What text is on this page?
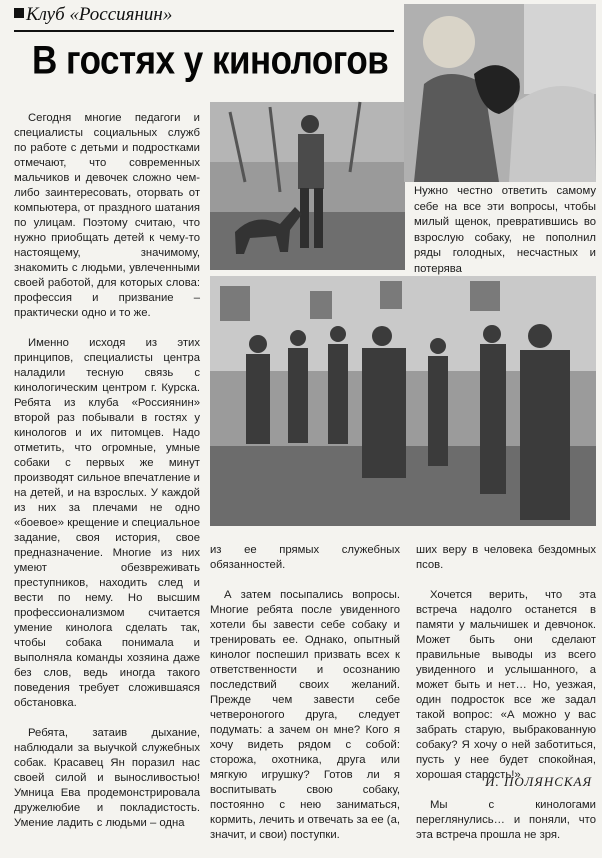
Клуб «Россиянин»
В гостях у кинологов

Сегодня многие педагоги и специалисты социальных служб по работе с детьми и подростками отмечают, что современных мальчиков и девочек сложно чем-либо заинтересовать, оторвать от компьютера, от праздного шатания по улицам. Поэтому считаю, что нужно приобщать детей к чему-то настоящему, значимому, знакомить с людьми, увлеченными своей работой, для которых слова: профессия и призвание – практически одно и то же.

Именно исходя из этих принципов, специалисты центра наладили тесную связь с кинологическим центром г. Курска. Ребята из клуба «Россиянин» второй раз побывали в гостях у кинологов и их питомцев. Надо отметить, что огромные, умные собаки с первых же минут производят сильное впечатление и на детей, и на взрослых. У каждой из них за плечами не одно «боевое» крещение и специальное задание, своя история, свое предназначение. Многие из них умеют обезвреживать преступников, находить след и вести по нему. Но высшим профессионализмом считается умение кинолога сделать так, чтобы собака понимала и выполняла команды хозяина даже без слов, ведь иногда такого поведения требует сложившаяся обстановка.

Ребята, затаив дыхание, наблюдали за выучкой служебных собак. Красавец Ян поразил нас своей силой и выносливостью! Умница Ева продемонстрировала дружелюбие и покладистость. Умение ладить с людьми – одна

Нужно честно ответить самому себе на все эти вопросы, чтобы милый щенок, превратившись во взрослую собаку, не пополнил ряды голодных, несчастных и потерява

из ее прямых служебных обязанностей.

А затем посыпались вопросы. Многие ребята после увиденного хотели бы завести себе собаку и тренировать ее. Однако, опытный кинолог поспешил призвать всех к ответственности и осознанию последствий своих желаний. Прежде чем завести себе четвероногого друга, следует подумать: а зачем он мне? Кого я хочу видеть рядом с собой: сторожа, охотника, друга или мягкую игрушку? Готов ли я воспитывать свою собаку, постоянно с нею заниматься, кормить, лечить и отвечать за ее (а, значит, и свои) поступки.

ших веру в человека бездомных псов.

Хочется верить, что эта встреча надолго останется в памяти у мальчишек и девчонок. Может быть они сделают правильные выводы из всего увиденного и услышанного, а может быть и нет… Но, уезжая, один подросток все же задал такой вопрос: «А можно у вас забрать старую, выбракованную собаку? Я хочу о ней заботиться, пусть у нее будет спокойная, хорошая старость!»

Мы с кинологами переглянулись… и поняли, что эта встреча прошла не зря.

И. ПОЛЯНСКАЯ
